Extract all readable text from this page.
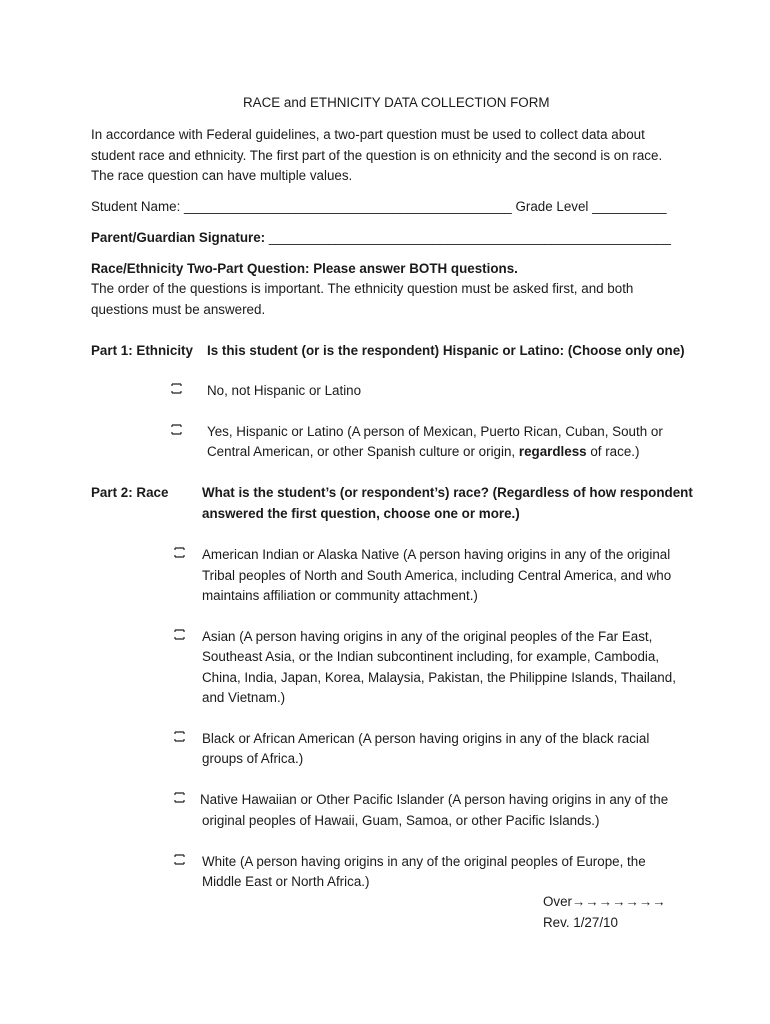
RACE and ETHNICITY DATA COLLECTION FORM
In accordance with Federal guidelines, a two-part question must be used to collect data about
student race and ethnicity. The first part of the question is on ethnicity and the second is on race.
The race question can have multiple values.
Student Name: ____________________________________________ Grade Level __________
Parent/Guardian Signature: ______________________________________________________
Race/Ethnicity Two-Part Question: Please answer BOTH questions.
The order of the questions is important. The ethnicity question must be asked first, and both
questions must be answered.
Part 1: Ethnicity Is this student (or is the respondent) Hispanic or Latino: (Choose only one)
No, not Hispanic or Latino
Yes, Hispanic or Latino (A person of Mexican, Puerto Rican, Cuban, South or
Central American, or other Spanish culture or origin, regardless of race.)
Part 2: Race	What is the student’s (or respondent’s) race? (Regardless of how respondent
answered the first question, choose one or more.)
American Indian or Alaska Native (A person having origins in any of the original
Tribal peoples of North and South America, including Central America, and who
maintains affiliation or community attachment.)
Asian (A person having origins in any of the original peoples of the Far East,
Southeast Asia, or the Indian subcontinent including, for example, Cambodia,
China, India, Japan, Korea, Malaysia, Pakistan, the Philippine Islands, Thailand,
and Vietnam.)
Black or African American (A person having origins in any of the black racial
groups of Africa.)
Native Hawaiian or Other Pacific Islander (A person having origins in any of the
original peoples of Hawaii, Guam, Samoa, or other Pacific Islands.)
White (A person having origins in any of the original peoples of Europe, the
Middle East or North Africa.)
Over→→→→→→→
Rev. 1/27/10
